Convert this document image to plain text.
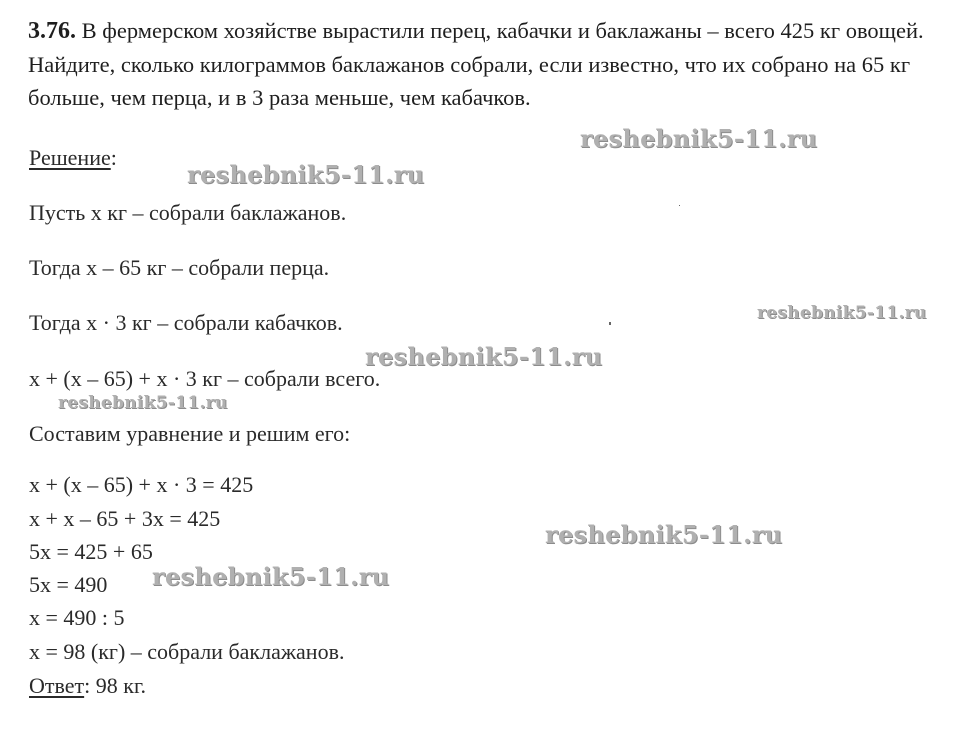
3.76. В фермерском хозяйстве вырастили перец, кабачки и баклажаны – всего 425 кг овощей. Найдите, сколько килограммов баклажанов собрали, если известно, что их собрано на 65 кг больше, чем перца, и в 3 раза меньше, чем кабачков.
Решение:
Пусть x кг – собрали баклажанов.
Тогда x – 65 кг – собрали перца.
Тогда x · 3 кг – собрали кабачков.
x + (x – 65) + x · 3 кг – собрали всего.
Составим уравнение и решим его:
x + (x – 65) + x · 3 = 425
x + x – 65 + 3x = 425
5x = 425 + 65
5x = 490
x = 490 : 5
x = 98 (кг) – собрали баклажанов.
Ответ: 98 кг.
reshebnik5-11.ru
reshebnik5-11.ru
reshebnik5-11.ru
reshebnik5-11.ru
reshebnik5-11.ru
reshebnik5-11.ru
reshebnik5-11.ru
